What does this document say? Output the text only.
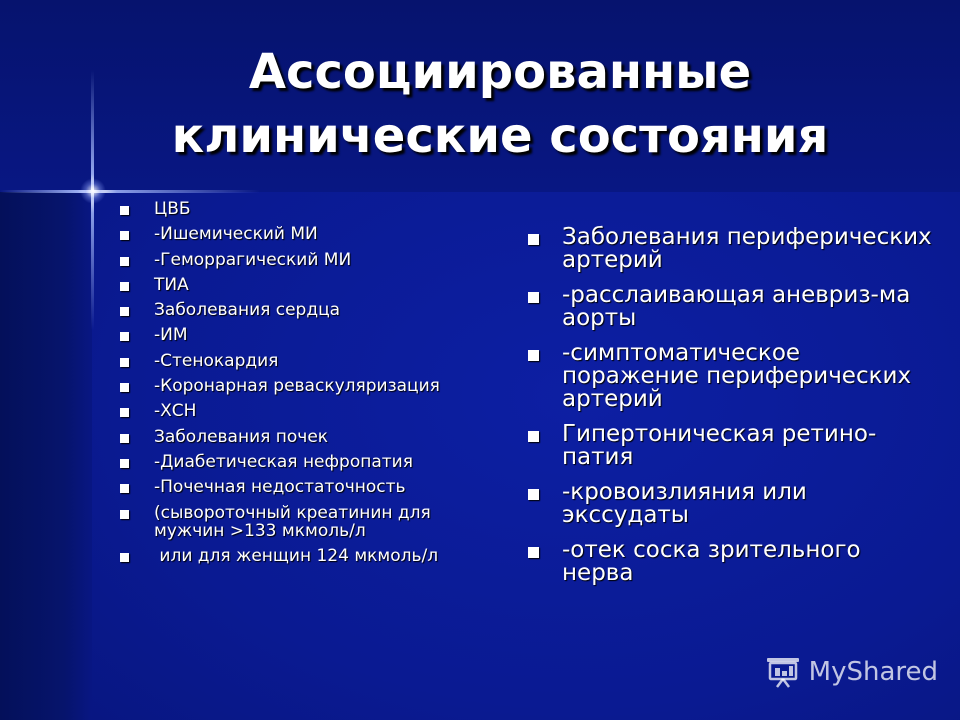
Ассоциированные
клинические состояния
ЦВБ
-Ишемический МИ
-Геморрагический МИ
ТИА
Заболевания сердца
-ИМ
-Стенокардия
-Коронарная реваскуляризация
-ХСН
Заболевания почек
-Диабетическая нефропатия
-Почечная недостаточность
(сывороточный креатинин для мужчин >133 мкмоль/л
или для женщин 124 мкмоль/л
Заболевания периферических артерий
-расслаивающая аневриз-ма аорты
-симптоматическое поражение периферических артерий
Гипертоническая ретино-патия
-кровоизлияния или экссудаты
-отек соска зрительного нерва
MyShared
